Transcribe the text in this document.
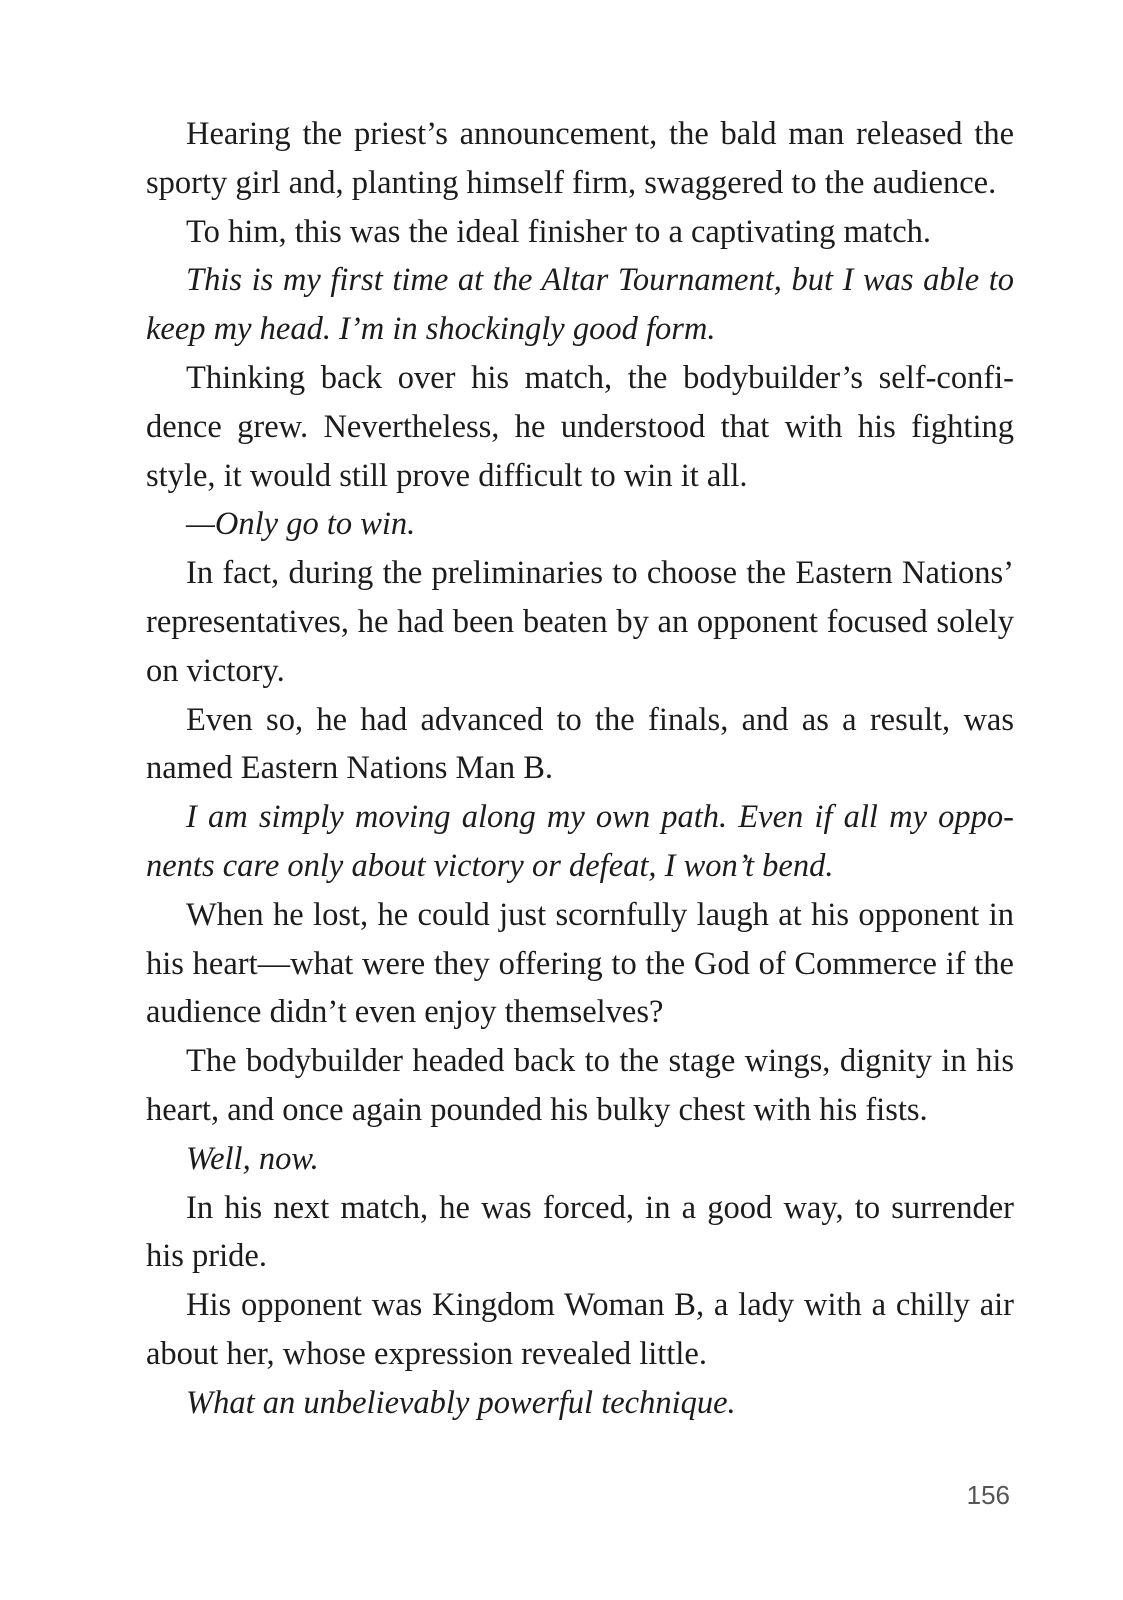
Hearing the priest’s announcement, the bald man released the sporty girl and, planting himself firm, swaggered to the audience.

To him, this was the ideal finisher to a captivating match.

This is my first time at the Altar Tournament, but I was able to keep my head. I’m in shockingly good form.

Thinking back over his match, the bodybuilder’s self-confidence grew. Nevertheless, he understood that with his fighting style, it would still prove difficult to win it all.

—Only go to win.

In fact, during the preliminaries to choose the Eastern Nations’ representatives, he had been beaten by an opponent focused solely on victory.

Even so, he had advanced to the finals, and as a result, was named Eastern Nations Man B.

I am simply moving along my own path. Even if all my opponents care only about victory or defeat, I won’t bend.

When he lost, he could just scornfully laugh at his opponent in his heart—what were they offering to the God of Commerce if the audience didn’t even enjoy themselves?

The bodybuilder headed back to the stage wings, dignity in his heart, and once again pounded his bulky chest with his fists.

Well, now.

In his next match, he was forced, in a good way, to surrender his pride.

His opponent was Kingdom Woman B, a lady with a chilly air about her, whose expression revealed little.

What an unbelievably powerful technique.

156
